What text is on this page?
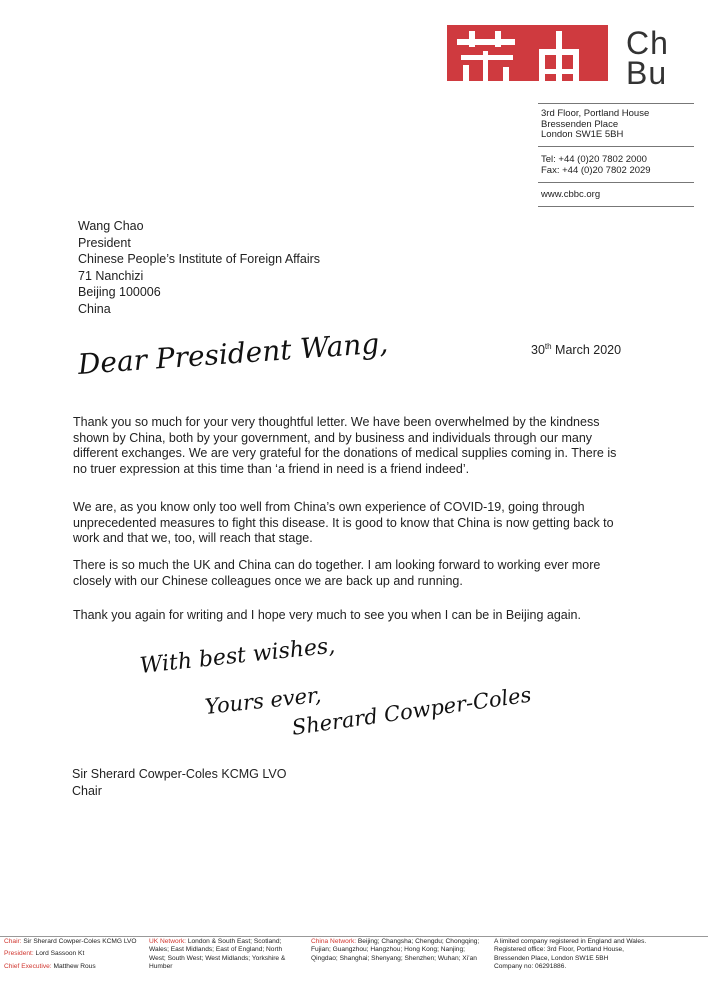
Ch
Bu
3rd Floor, Portland House
Bressenden Place
London SW1E 5BH
Tel: +44 (0)20 7802 2000
Fax: +44 (0)20 7802 2029
www.cbbc.org
Wang Chao
President
Chinese People’s Institute of Foreign Affairs
71 Nanchizi
Beijing 100006
China
30th March 2020
Dear President Wang,
Thank you so much for your very thoughtful letter. We have been overwhelmed by the kindness shown by China, both by your government, and by business and individuals through our many different exchanges. We are very grateful for the donations of medical supplies coming in. There is no truer expression at this time than ‘a friend in need is a friend indeed’.
We are, as you know only too well from China’s own experience of COVID-19, going through unprecedented measures to fight this disease. It is good to know that China is now getting back to work and that we, too, will reach that stage.
There is so much the UK and China can do together. I am looking forward to working ever more closely with our Chinese colleagues once we are back up and running.
Thank you again for writing and I hope very much to see you when I can be in Beijing again.
With best wishes,
Yours ever,
Sherard Cowper-Coles
Sir Sherard Cowper-Coles KCMG LVO
Chair
Chair: Sir Sherard Cowper-Coles KCMG LVO
President: Lord Sassoon Kt
Chief Executive: Matthew Rous
UK Network: London & South East; Scotland; Wales; East Midlands; East of England; North West; South West; West Midlands; Yorkshire & Humber
China Network: Beijing; Changsha; Chengdu; Chongqing; Fujian; Guangzhou; Hangzhou; Hong Kong; Nanjing; Qingdao; Shanghai; Shenyang; Shenzhen; Wuhan; Xi’an
A limited company registered in England and Wales.
Registered office: 3rd Floor, Portland House,
Bressenden Place, London SW1E 5BH
Company no: 06291886.
